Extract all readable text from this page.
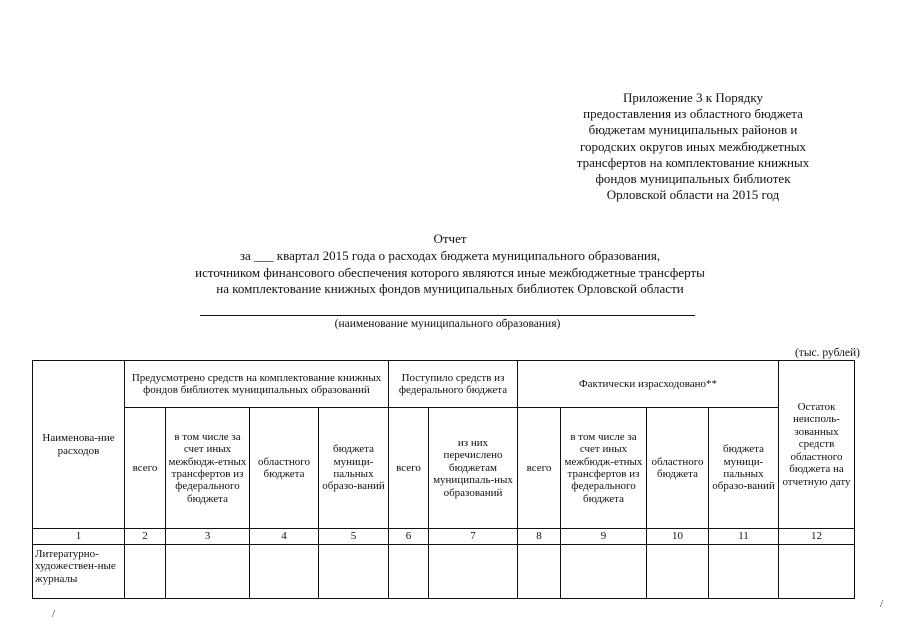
Приложение 3 к Порядку
предоставления из областного бюджета
бюджетам муниципальных районов и
городских округов иных межбюджетных
трансфертов на комплектование книжных
фондов муниципальных библиотек
Орловской области на 2015 год
Отчет
за ___ квартал 2015 года о расходах бюджета муниципального образования,
источником финансового обеспечения которого являются иные межбюджетные трансферты
на комплектование книжных фондов муниципальных библиотек Орловской области
(наименование муниципального образования)
(тыс. рублей)
Наименова-ние расходов	Предусмотрено средств на комплектование книжных фондов библиотек муниципальных образований				Поступило средств из федерального бюджета		Фактически израсходовано**				Остаток неисполь-зованных средств областного бюджета на отчетную дату
	всего	в том числе за счет иных межбюдж-етных трансфертов из федерального бюджета	областного бюджета	бюджета муници-пальных образо-ваний	всего	из них перечислено бюджетам муниципаль-ных образований	всего	в том числе за счет иных межбюдж-етных трансфертов из федерального бюджета	областного бюджета	бюджета муници-пальных образо-ваний	
1	2	3	4	5	6	7	8	9	10	11	12
Литературно-художествен-ные журналы											
/
/
